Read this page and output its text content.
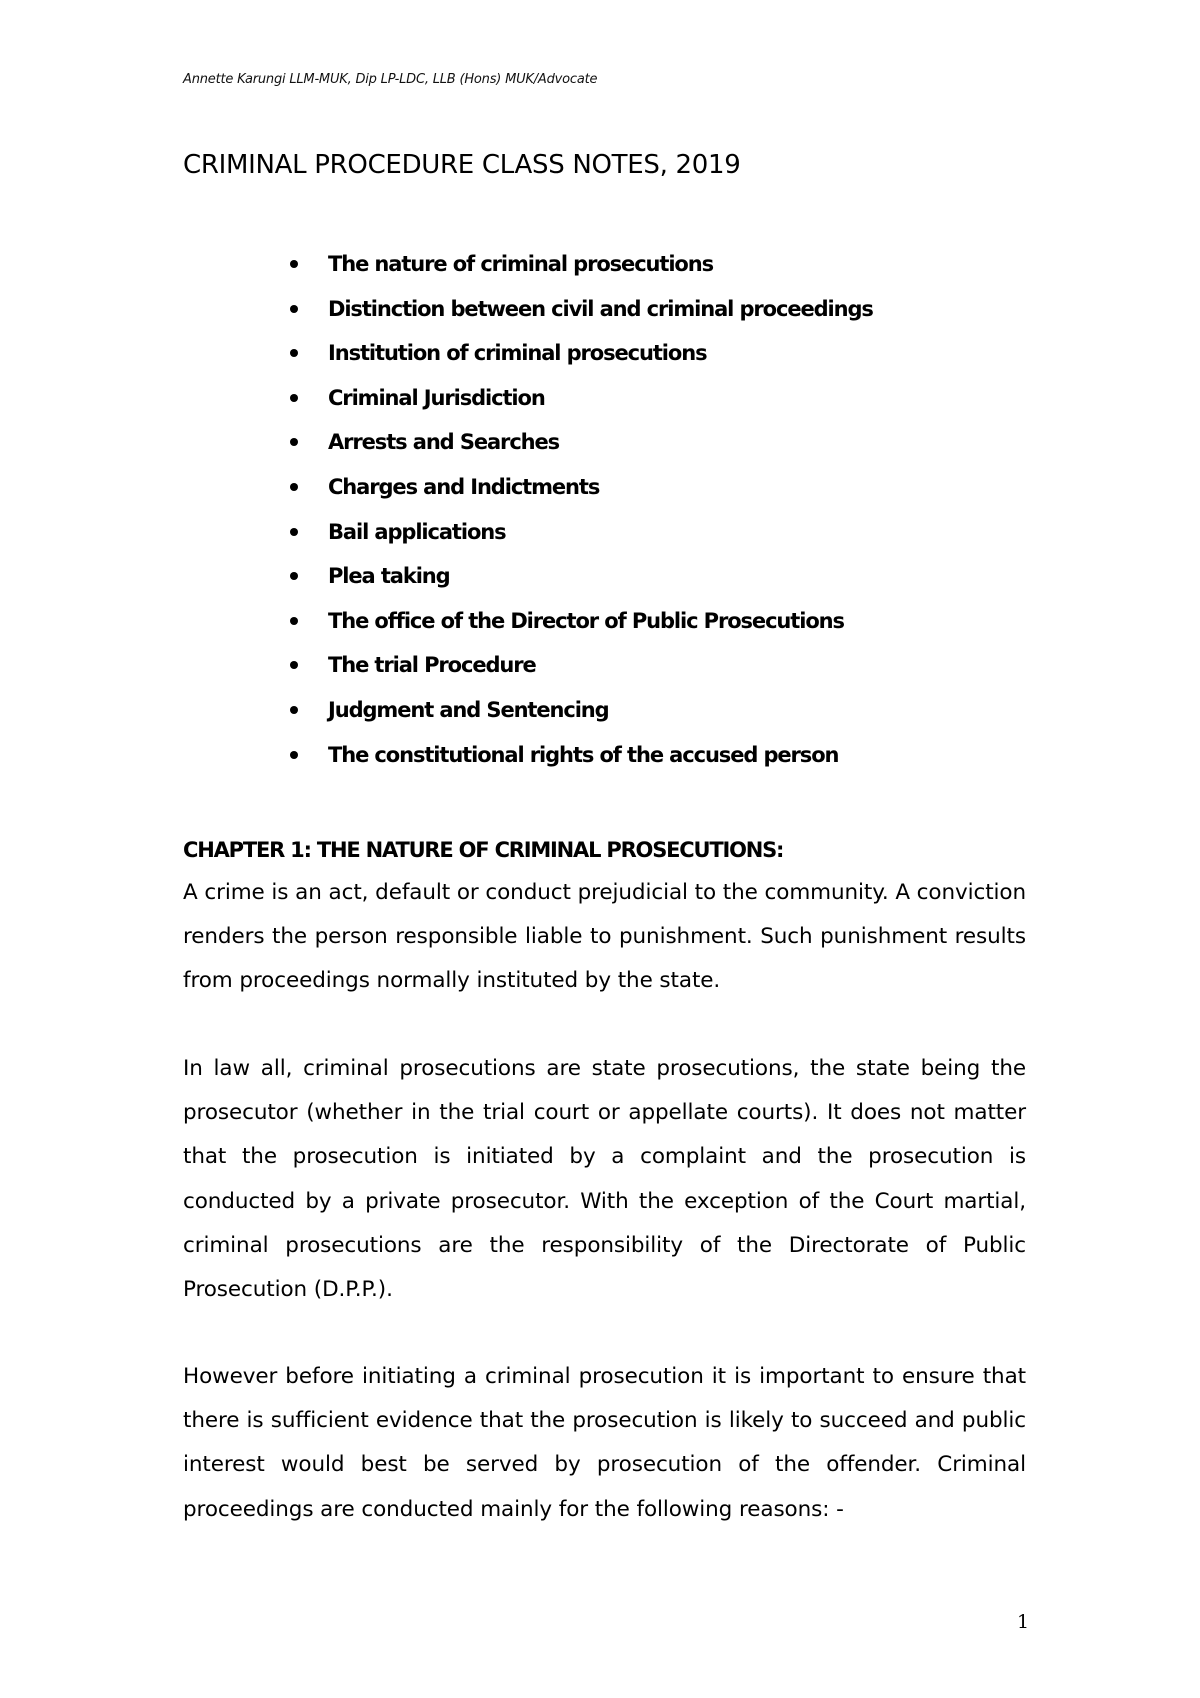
Annette Karungi LLM-MUK, Dip LP-LDC, LLB (Hons) MUK/Advocate
CRIMINAL PROCEDURE CLASS NOTES, 2019
The nature of criminal prosecutions
Distinction between civil and criminal proceedings
Institution of criminal prosecutions
Criminal Jurisdiction
Arrests and Searches
Charges and Indictments
Bail applications
Plea taking
The office of the Director of Public Prosecutions
The trial Procedure
Judgment and Sentencing
The constitutional rights of the accused person
CHAPTER 1: THE NATURE OF CRIMINAL PROSECUTIONS:

A crime is an act, default or conduct prejudicial to the community. A conviction renders the person responsible liable to punishment. Such punishment results from proceedings normally instituted by the state.

In law all, criminal prosecutions are state prosecutions, the state being the prosecutor (whether in the trial court or appellate courts). It does not matter that the prosecution is initiated by a complaint and the prosecution is conducted by a private prosecutor. With the exception of the Court martial, criminal prosecutions are the responsibility of the Directorate of Public Prosecution (D.P.P.).

However before initiating a criminal prosecution it is important to ensure that there is sufficient evidence that the prosecution is likely to succeed and public interest would best be served by prosecution of the offender. Criminal proceedings are conducted mainly for the following reasons: -

1
